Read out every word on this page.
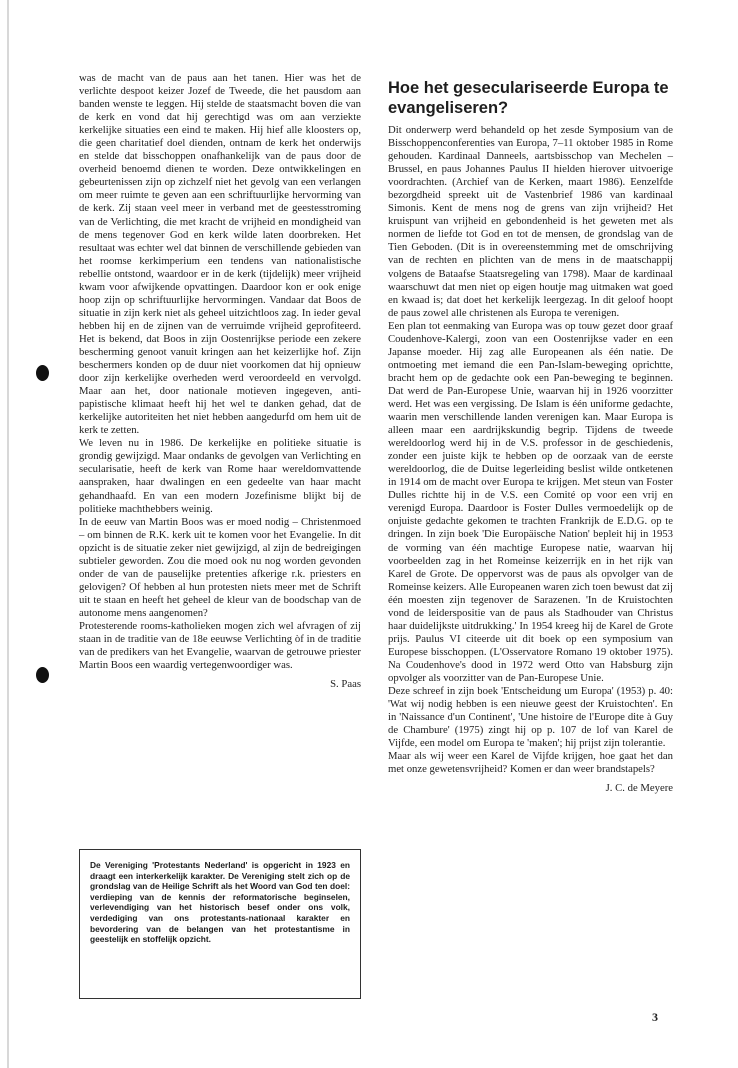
was de macht van de paus aan het tanen. Hier was het de verlichte despoot keizer Jozef de Tweede, die het pausdom aan banden wenste te leggen. Hij stelde de staatsmacht boven die van de kerk en vond dat hij gerechtigd was om aan verziekte kerkelijke situaties een eind te maken. Hij hief alle kloosters op, die geen charitatief doel dienden, ontnam de kerk het onderwijs en stelde dat bisschoppen onafhankelijk van de paus door de overheid benoemd dienen te worden. Deze ontwikkelingen en gebeurtenissen zijn op zichzelf niet het gevolg van een verlangen om meer ruimte te geven aan een schriftuurlijke hervorming van de kerk. Zij staan veel meer in verband met de geestesstroming van de Verlichting, die met kracht de vrijheid en mondigheid van de mens tegenover God en kerk wilde laten doorbreken. Het resultaat was echter wel dat binnen de verschillende gebieden van het roomse kerkimperium een tendens van nationalistische rebellie ontstond, waardoor er in de kerk (tijdelijk) meer vrijheid kwam voor afwijkende opvattingen. Daardoor kon er ook enige hoop zijn op schriftuurlijke hervormingen. Vandaar dat Boos de situatie in zijn kerk niet als geheel uitzichtloos zag. In ieder geval hebben hij en de zijnen van de verruimde vrijheid geprofiteerd. Het is bekend, dat Boos in zijn Oostenrijkse periode een zekere bescherming genoot vanuit kringen aan het keizerlijke hof. Zijn beschermers konden op de duur niet voorkomen dat hij opnieuw door zijn kerkelijke overheden werd veroordeeld en vervolgd. Maar aan het, door nationale motieven ingegeven, anti-papistische klimaat heeft hij het wel te danken gehad, dat de kerkelijke autoriteiten het niet hebben aangedurfd om hem uit de kerk te zetten.

We leven nu in 1986. De kerkelijke en politieke situatie is grondig gewijzigd. Maar ondanks de gevolgen van Verlichting en secularisatie, heeft de kerk van Rome haar wereldomvattende aanspraken, haar dwalingen en een gedeelte van haar macht gehandhaafd. En van een modern Jozefinisme blijkt bij de politieke machthebbers weinig.

In de eeuw van Martin Boos was er moed nodig – Christenmoed – om binnen de R.K. kerk uit te komen voor het Evangelie. In dit opzicht is de situatie zeker niet gewijzigd, al zijn de bedreigingen subtieler geworden. Zou die moed ook nu nog worden gevonden onder de van de pauselijke pretenties afkerige r.k. priesters en gelovigen? Of hebben al hun protesten niets meer met de Schrift uit te staan en heeft het geheel de kleur van de boodschap van de autonome mens aangenomen?

Protesterende rooms-katholieken mogen zich wel afvragen of zij staan in de traditie van de 18e eeuwse Verlichting òf in de traditie van de predikers van het Evangelie, waarvan de getrouwe priester Martin Boos een waardig vertegenwoordiger was.

S. Paas

De Vereniging 'Protestants Nederland' is opgericht in 1923 en draagt een interkerkelijk karakter. De Vereniging stelt zich op de grondslag van de Heilige Schrift als het Woord van God ten doel: verdieping van de kennis der reformatorische beginselen, verlevendiging van het historisch besef onder ons volk, verdediging van ons protestants-nationaal karakter en bevordering van de belangen van het protestantisme in geestelijk en stoffelijk opzicht.
Hoe het geseculariseerde Europa te evangeliseren?

Dit onderwerp werd behandeld op het zesde Symposium van de Bisschoppenconferenties van Europa, 7–11 oktober 1985 in Rome gehouden. Kardinaal Danneels, aartsbisschop van Mechelen – Brussel, en paus Johannes Paulus II hielden hierover uitvoerige voordrachten. (Archief van de Kerken, maart 1986). Eenzelfde bezorgdheid spreekt uit de Vastenbrief 1986 van kardinaal Simonis. Kent de mens nog de grens van zijn vrijheid? Het kruispunt van vrijheid en gebondenheid is het geweten met als normen de liefde tot God en tot de mensen, de grondslag van de Tien Geboden. (Dit is in overeenstemming met de omschrijving van de rechten en plichten van de mens in de maatschappij volgens de Bataafse Staatsregeling van 1798). Maar de kardinaal waarschuwt dat men niet op eigen houtje mag uitmaken wat goed en kwaad is; dat doet het kerkelijk leergezag. In dit geloof hoopt de paus zowel alle christenen als Europa te verenigen.

Een plan tot eenmaking van Europa was op touw gezet door graaf Coudenhove-Kalergi, zoon van een Oostenrijkse vader en een Japanse moeder. Hij zag alle Europeanen als één natie. De ontmoeting met iemand die een Pan-Islam-beweging oprichtte, bracht hem op de gedachte ook een Pan-beweging te beginnen. Dat werd de Pan-Europese Unie, waarvan hij in 1926 voorzitter werd. Het was een vergissing. De Islam is één uniforme gedachte, waarin men verschillende landen verenigen kan. Maar Europa is alleen maar een aardrijkskundig begrip. Tijdens de tweede wereldoorlog werd hij in de V.S. professor in de geschiedenis, zonder een juiste kijk te hebben op de oorzaak van de eerste wereldoorlog, die de Duitse legerleiding beslist wilde ontketenen in 1914 om de macht over Europa te krijgen. Met steun van Foster Dulles richtte hij in de V.S. een Comité op voor een vrij en verenigd Europa. Daardoor is Foster Dulles vermoedelijk op de onjuiste gedachte gekomen te trachten Frankrijk de E.D.G. op te dringen. In zijn boek 'Die Europäische Nation' bepleit hij in 1953 de vorming van één machtige Europese natie, waarvan hij voorbeelden zag in het Romeinse keizerrijk en in het rijk van Karel de Grote. De oppervorst was de paus als opvolger van de Romeinse keizers. Alle Europeanen waren zich toen bewust dat zij één moesten zijn tegenover de Sarazenen. 'In de Kruistochten vond de leiderspositie van de paus als Stadhouder van Christus haar duidelijkste uitdrukking.' In 1954 kreeg hij de Karel de Grote prijs. Paulus VI citeerde uit dit boek op een symposium van Europese bisschoppen. (L'Osservatore Romano 19 oktober 1975). Na Coudenhove's dood in 1972 werd Otto van Habsburg zijn opvolger als voorzitter van de Pan-Europese Unie.

Deze schreef in zijn boek 'Entscheidung um Europa' (1953) p. 40: 'Wat wij nodig hebben is een nieuwe geest der Kruistochten'. En in 'Naissance d'un Continent', 'Une histoire de l'Europe dite à Guy de Chambure' (1975) zingt hij op p. 107 de lof van Karel de Vijfde, een model om Europa te 'maken'; hij prijst zijn tolerantie.

Maar als wij weer een Karel de Vijfde krijgen, hoe gaat het dan met onze gewetensvrijheid? Komen er dan weer brandstapels?

J. C. de Meyere

3
